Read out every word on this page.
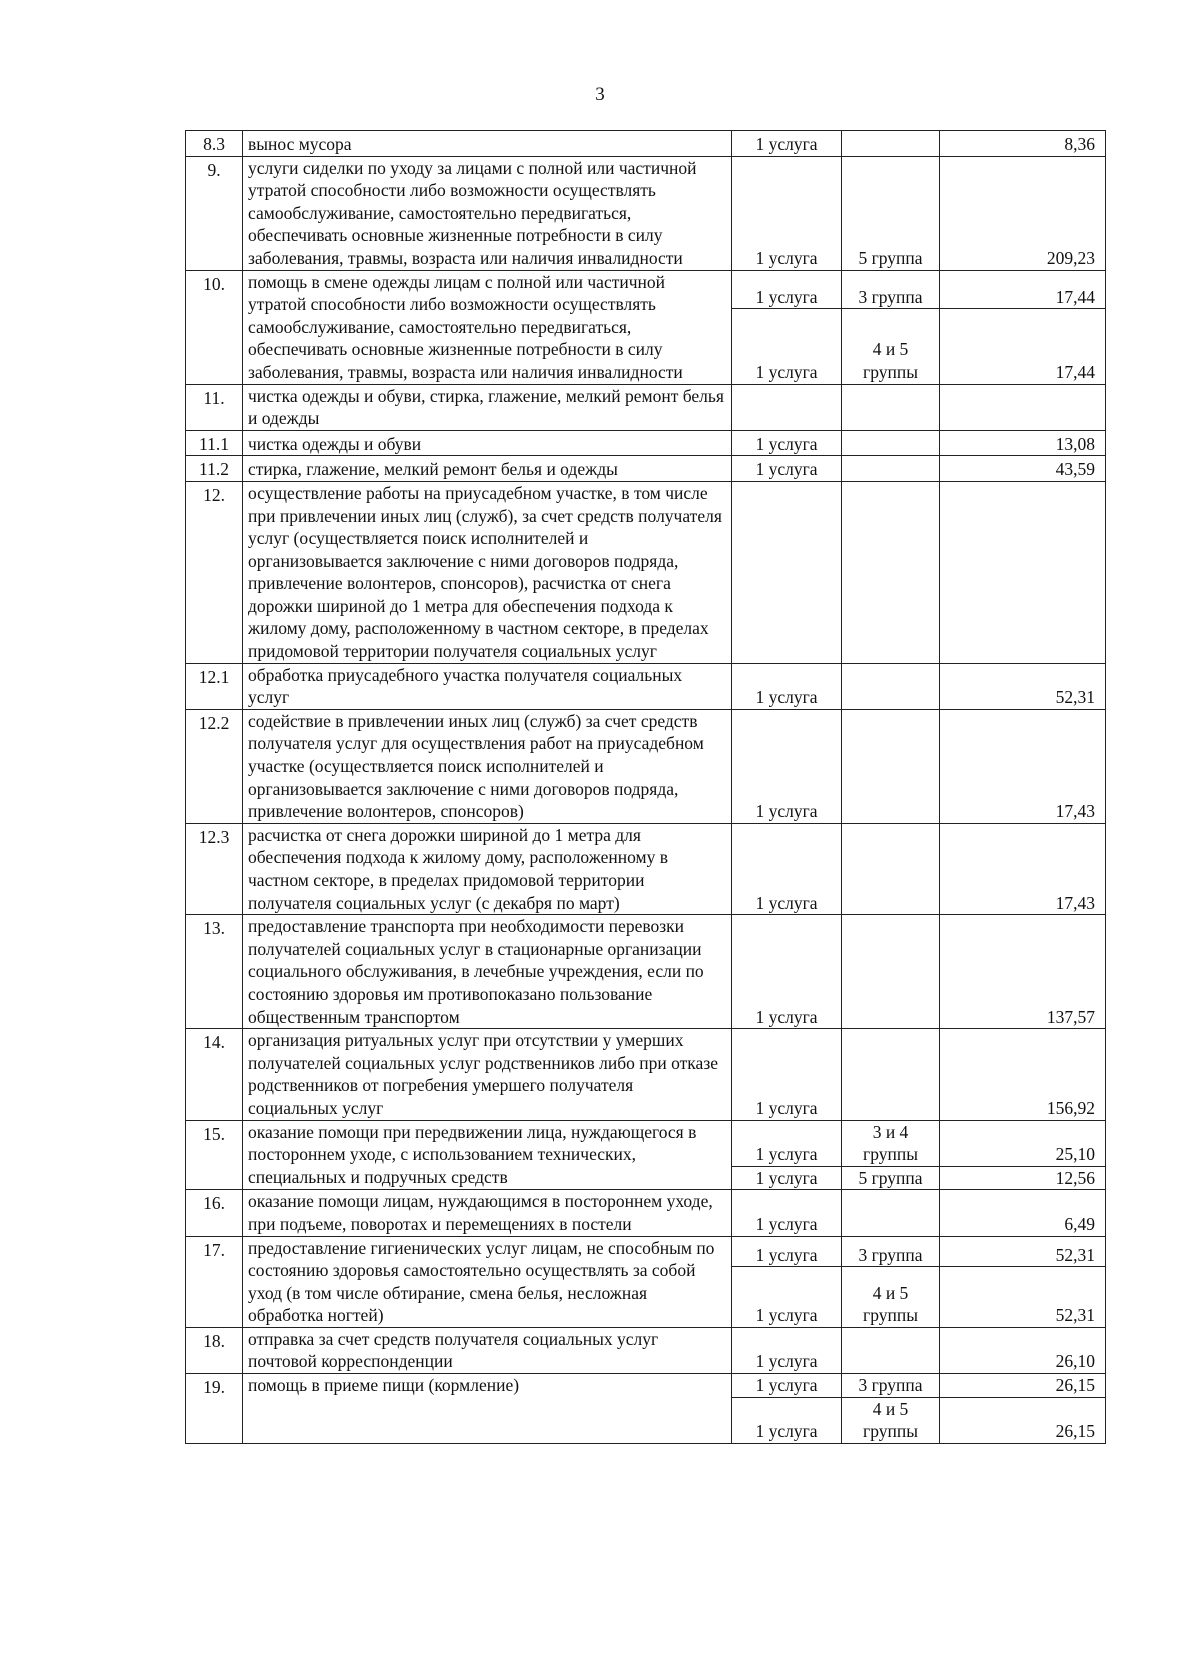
3
8.3	вынос мусора	1 услуга		8,36
9.	услуги сиделки по уходу за лицами с полной или частичной утратой способности либо возможности осуществлять самообслуживание, самостоятельно передвигаться, обеспечивать основные жизненные потребности в силу заболевания, травмы, возраста или наличия инвалидности	1 услуга	5 группа	209,23
10.	помощь в смене одежды лицам с полной или частичной утратой способности либо возможности осуществлять самообслуживание, самостоятельно передвигаться, обеспечивать основные жизненные потребности в силу заболевания, травмы, возраста или наличия инвалидности	1 услуга	3 группа	17,44
		1 услуга	4 и 5 группы	17,44
11.	чистка одежды и обуви, стирка, глажение, мелкий ремонт белья и одежды			
11.1	чистка одежды и обуви	1 услуга		13,08
11.2	стирка, глажение, мелкий ремонт белья и одежды	1 услуга		43,59
12.	осуществление работы на приусадебном участке, в том числе при привлечении иных лиц (служб), за счет средств получателя услуг (осуществляется поиск исполнителей и организовывается заключение с ними договоров подряда, привлечение волонтеров, спонсоров), расчистка от снега дорожки шириной до 1 метра для обеспечения подхода к жилому дому, расположенному в частном секторе, в пределах придомовой территории получателя социальных услуг			
12.1	обработка приусадебного участка получателя социальных услуг	1 услуга		52,31
12.2	содействие в привлечении иных лиц (служб) за счет средств получателя услуг для осуществления работ на приусадебном участке (осуществляется поиск исполнителей и организовывается заключение с ними договоров подряда, привлечение волонтеров, спонсоров)	1 услуга		17,43
12.3	расчистка от снега дорожки шириной до 1 метра для обеспечения подхода к жилому дому, расположенному в частном секторе, в пределах придомовой территории получателя социальных услуг (с декабря по март)	1 услуга		17,43
13.	предоставление транспорта при необходимости перевозки получателей социальных услуг в стационарные организации социального обслуживания, в лечебные учреждения, если по состоянию здоровья им противопоказано пользование общественным транспортом	1 услуга		137,57
14.	организация ритуальных услуг при отсутствии у умерших получателей социальных услуг родственников либо при отказе родственников от погребения умершего получателя социальных услуг	1 услуга		156,92
15.	оказание помощи при передвижении лица, нуждающегося в постороннем уходе, с использованием технических, специальных и подручных средств	1 услуга	3 и 4 группы	25,10
		1 услуга	5 группа	12,56
16.	оказание помощи лицам, нуждающимся в постороннем уходе, при подъеме, поворотах и перемещениях в постели	1 услуга		6,49
17.	предоставление гигиенических услуг лицам, не способным по состоянию здоровья самостоятельно осуществлять за собой уход (в том числе обтирание, смена белья, несложная обработка ногтей)	1 услуга	3 группа	52,31
		1 услуга	4 и 5 группы	52,31
18.	отправка за счет средств получателя социальных услуг почтовой корреспонденции	1 услуга		26,10
19.	помощь в приеме пищи (кормление)	1 услуга	3 группа	26,15
		1 услуга	4 и 5 группы	26,15
